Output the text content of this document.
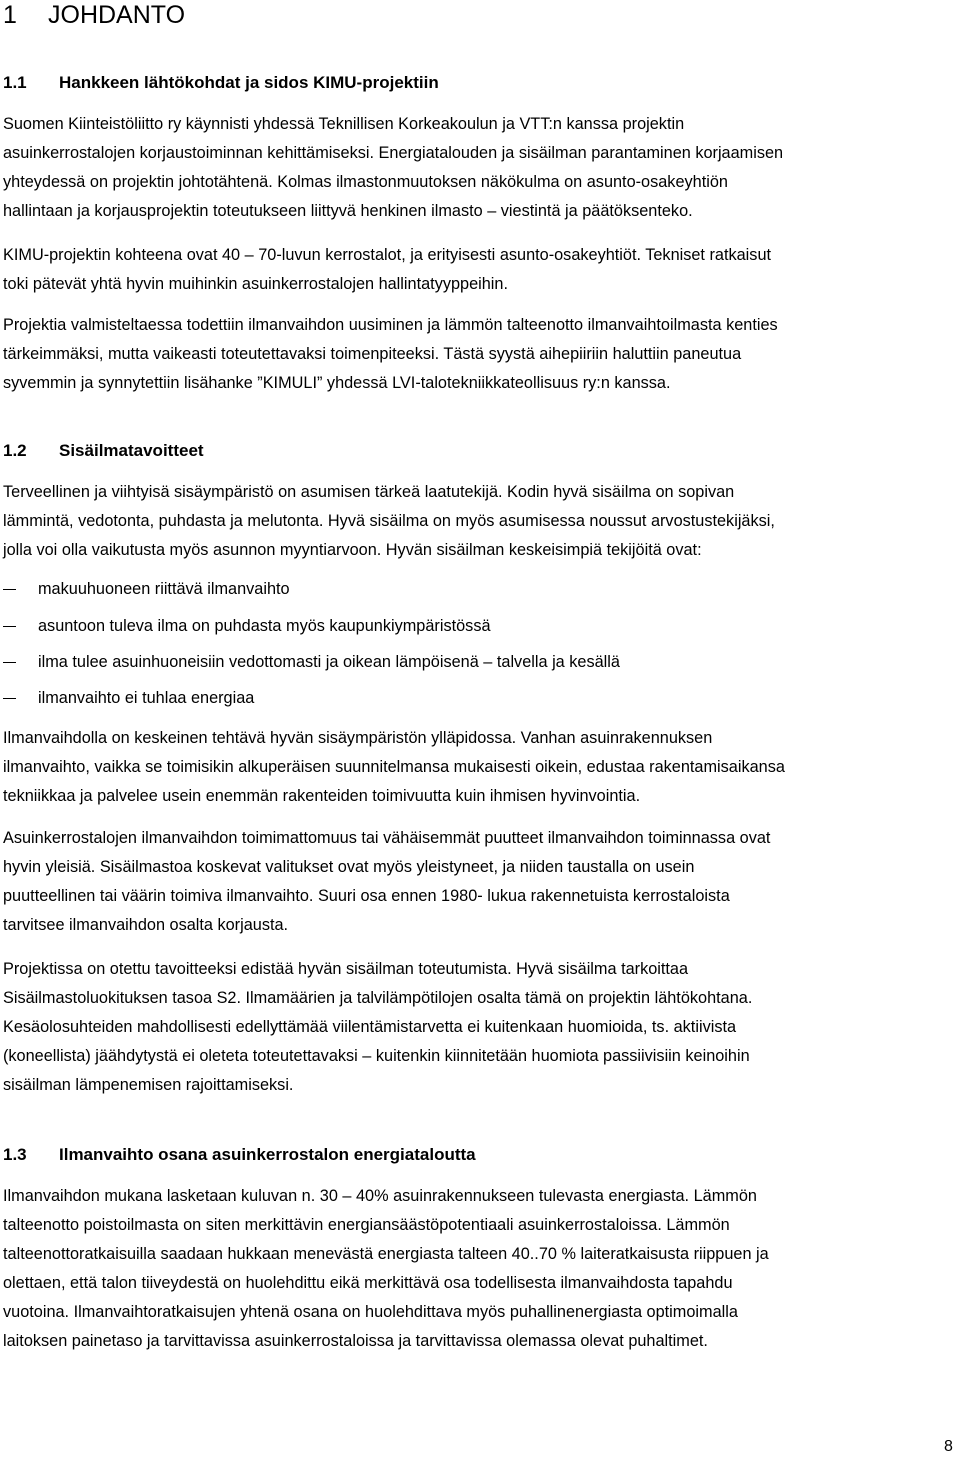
1 JOHDANTO
1.1 Hankkeen lähtökohdat ja sidos KIMU-projektiin
Suomen Kiinteistöliitto ry käynnisti yhdessä Teknillisen Korkeakoulun ja VTT:n kanssa projektin
asuinkerrostalojen korjaustoiminnan kehittämiseksi. Energiatalouden ja sisäilman parantaminen korjaamisen
yhteydessä on projektin johtotähtenä. Kolmas ilmastonmuutoksen näkökulma on asunto-osakeyhtiön
hallintaan ja korjausprojektin toteutukseen liittyvä henkinen ilmasto – viestintä ja päätöksenteko.
KIMU-projektin kohteena ovat 40 – 70-luvun kerrostalot, ja erityisesti asunto-osakeyhtiöt. Tekniset ratkaisut
toki pätevät yhtä hyvin muihinkin asuinkerrostalojen hallintatyyppeihin.
Projektia valmisteltaessa todettiin ilmanvaihdon uusiminen ja lämmön talteenotto ilmanvaihtoilmasta kenties
tärkeimmäksi, mutta vaikeasti toteutettavaksi toimenpiteeksi. Tästä syystä aihepiiriin haluttiin paneutua
syvemmin ja synnytettiin lisähanke ”KIMULI” yhdessä LVI-talotekniikkateollisuus ry:n kanssa.
1.2 Sisäilmatavoitteet
Terveellinen ja viihtyisä sisäympäristö on asumisen tärkeä laatutekijä. Kodin hyvä sisäilma on sopivan
lämmintä, vedotonta, puhdasta ja melutonta. Hyvä sisäilma on myös asumisessa noussut arvostustekijäksi,
jolla voi olla vaikutusta myös asunnon myyntiarvoon. Hyvän sisäilman keskeisimpiä tekijöitä ovat:
makuuhuoneen riittävä ilmanvaihto
asuntoon tuleva ilma on puhdasta myös kaupunkiympäristössä
ilma tulee asuinhuoneisiin vedottomasti ja oikean lämpöisenä – talvella ja kesällä
ilmanvaihto ei tuhlaa energiaa
Ilmanvaihdolla on keskeinen tehtävä hyvän sisäympäristön ylläpidossa. Vanhan asuinrakennuksen
ilmanvaihto, vaikka se toimisikin alkuperäisen suunnitelmansa mukaisesti oikein, edustaa rakentamisaikansa
tekniikkaa ja palvelee usein enemmän rakenteiden toimivuutta kuin ihmisen hyvinvointia.
Asuinkerrostalojen ilmanvaihdon toimimattomuus tai vähäisemmät puutteet ilmanvaihdon toiminnassa ovat
hyvin yleisiä. Sisäilmastoa koskevat valitukset ovat myös yleistyneet, ja niiden taustalla on usein
puutteellinen tai väärin toimiva ilmanvaihto. Suuri osa ennen 1980- lukua rakennetuista kerrostaloista
tarvitsee ilmanvaihdon osalta korjausta.
Projektissa on otettu tavoitteeksi edistää hyvän sisäilman toteutumista. Hyvä sisäilma tarkoittaa
Sisäilmastoluokituksen tasoa S2. Ilmamäärien ja talvilämpötilojen osalta tämä on projektin lähtökohtana.
Kesäolosuhteiden mahdollisesti edellyttämää viilentämistarvetta ei kuitenkaan huomioida, ts. aktiivista
(koneellista) jäähdytystä ei oleteta toteutettavaksi – kuitenkin kiinnitetään huomiota passiivisiin keinoihin
sisäilman lämpenemisen rajoittamiseksi.
1.3 Ilmanvaihto osana asuinkerrostalon energiataloutta
Ilmanvaihdon mukana lasketaan kuluvan n. 30 – 40% asuinrakennukseen tulevasta energiasta. Lämmön
talteenotto poistoilmasta on siten merkittävin energiansäästöpotentiaali asuinkerrostaloissa. Lämmön
talteenottoratkaisuilla saadaan hukkaan menevästä energiasta talteen 40..70 % laiteratkaisusta riippuen ja
olettaen, että talon tiiveydestä on huolehdittu eikä merkittävä osa todellisesta ilmanvaihdosta tapahdu
vuotoina. Ilmanvaihtoratkaisujen yhtenä osana on huolehdittava myös puhallinenergiasta optimoimalla
laitoksen painetaso ja tarvittavissa asuinkerrostaloissa ja tarvittavissa olemassa olevat puhaltimet.
8
